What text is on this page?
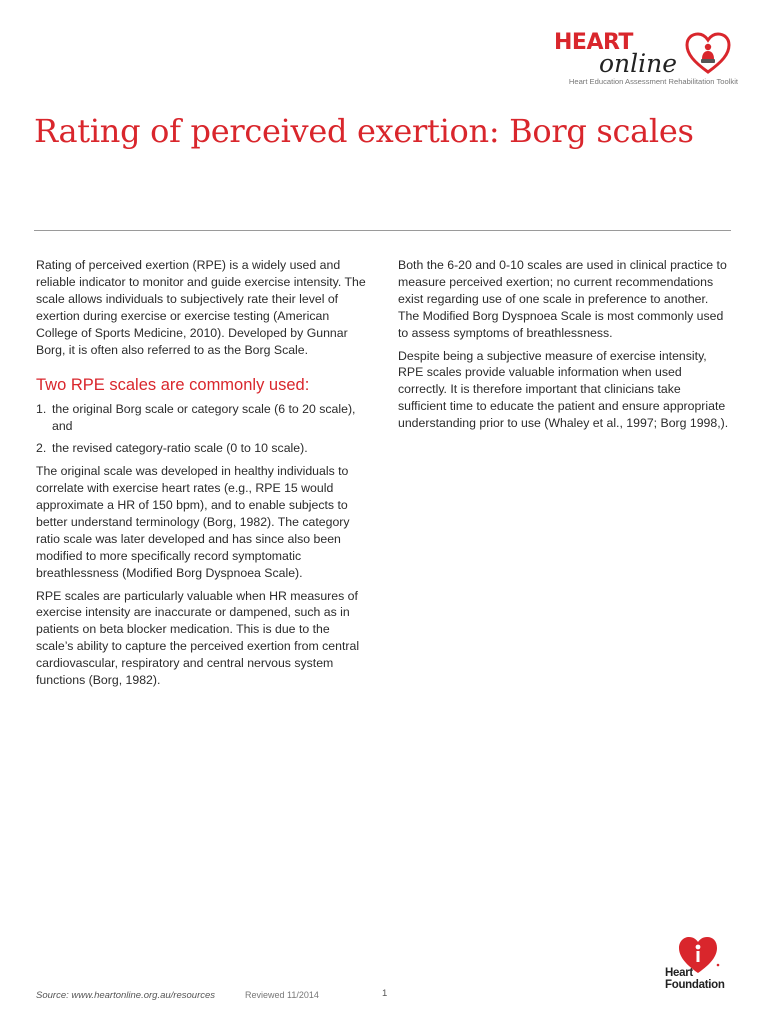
HEART
online
Heart Education Assessment Rehabilitation Toolkit
Rating of perceived exertion: Borg scales

Rating of perceived exertion (RPE) is a widely used and reliable indicator to monitor and guide exercise intensity. The scale allows individuals to subjectively rate their level of exertion during exercise or exercise testing (American College of Sports Medicine, 2010). Developed by Gunnar Borg, it is often also referred to as the Borg Scale.

Two RPE scales are commonly used:
1. the original Borg scale or category scale (6 to 20 scale), and
2. the revised category-ratio scale (0 to 10 scale).

The original scale was developed in healthy individuals to correlate with exercise heart rates (e.g., RPE 15 would approximate a HR of 150 bpm), and to enable subjects to better understand terminology (Borg, 1982). The category ratio scale was later developed and has since also been modified to more specifically record symptomatic breathlessness (Modified Borg Dyspnoea Scale).

RPE scales are particularly valuable when HR measures of exercise intensity are inaccurate or dampened, such as in patients on beta blocker medication. This is due to the scale’s ability to capture the perceived exertion from central cardiovascular, respiratory and central nervous system functions (Borg, 1982).

Both the 6-20 and 0-10 scales are used in clinical practice to measure perceived exertion; no current recommendations exist regarding use of one scale in preference to another. The Modified Borg Dyspnoea Scale is most commonly used to assess symptoms of breathlessness.

Despite being a subjective measure of exercise intensity, RPE scales provide valuable information when used correctly. It is therefore important that clinicians take sufficient time to educate the patient and ensure appropriate understanding prior to use (Whaley et al., 1997; Borg 1998,).

Source: www.heartonline.org.au/resources	Reviewed 11/2014	1
Heart
Foundation
